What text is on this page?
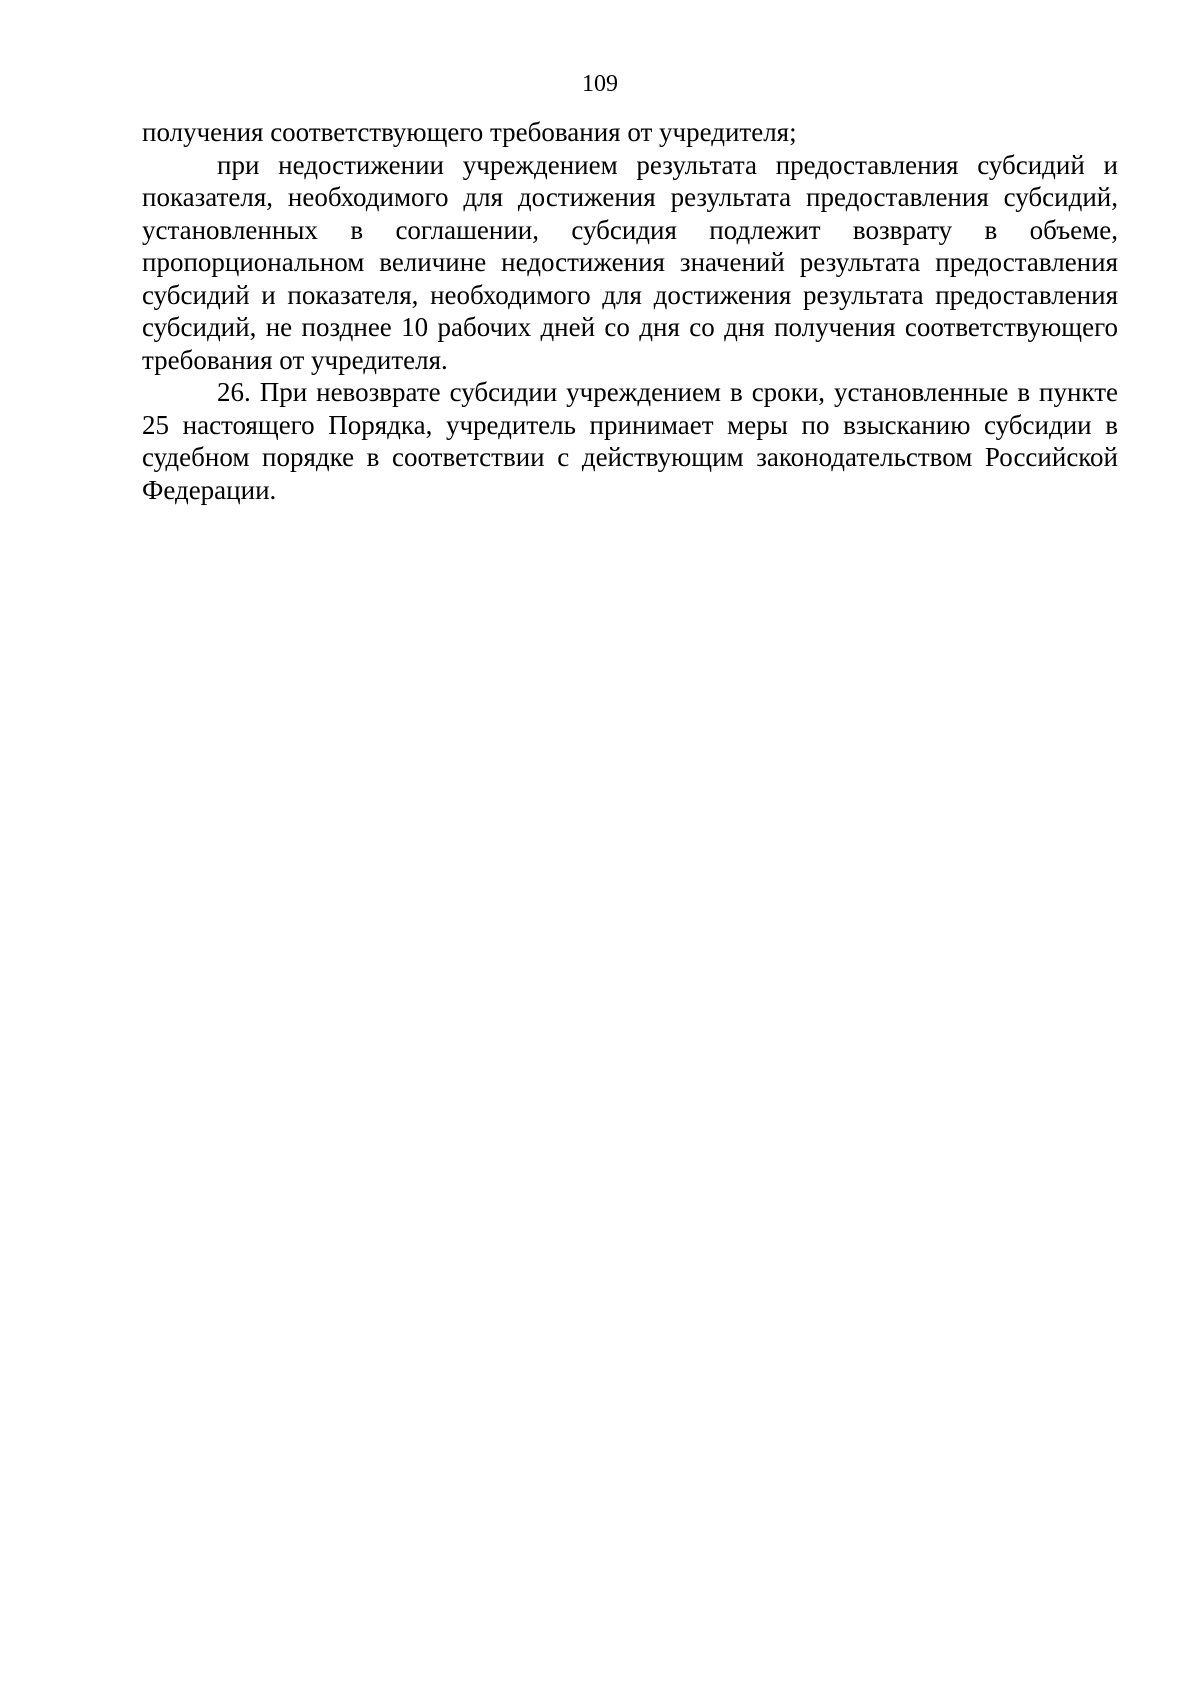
109

получения соответствующего требования от учредителя;

при недостижении учреждением результата предоставления субсидий и показателя, необходимого для достижения результата предоставления субсидий, установленных в соглашении, субсидия подлежит возврату в объеме, пропорциональном величине недостижения значений результата предоставления субсидий и показателя, необходимого для достижения результата предоставления субсидий, не позднее 10 рабочих дней со дня со дня получения соответствующего требования от учредителя.

26. При невозврате субсидии учреждением в сроки, установленные в пункте 25 настоящего Порядка, учредитель принимает меры по взысканию субсидии в судебном порядке в соответствии с действующим законодательством Российской Федерации.
